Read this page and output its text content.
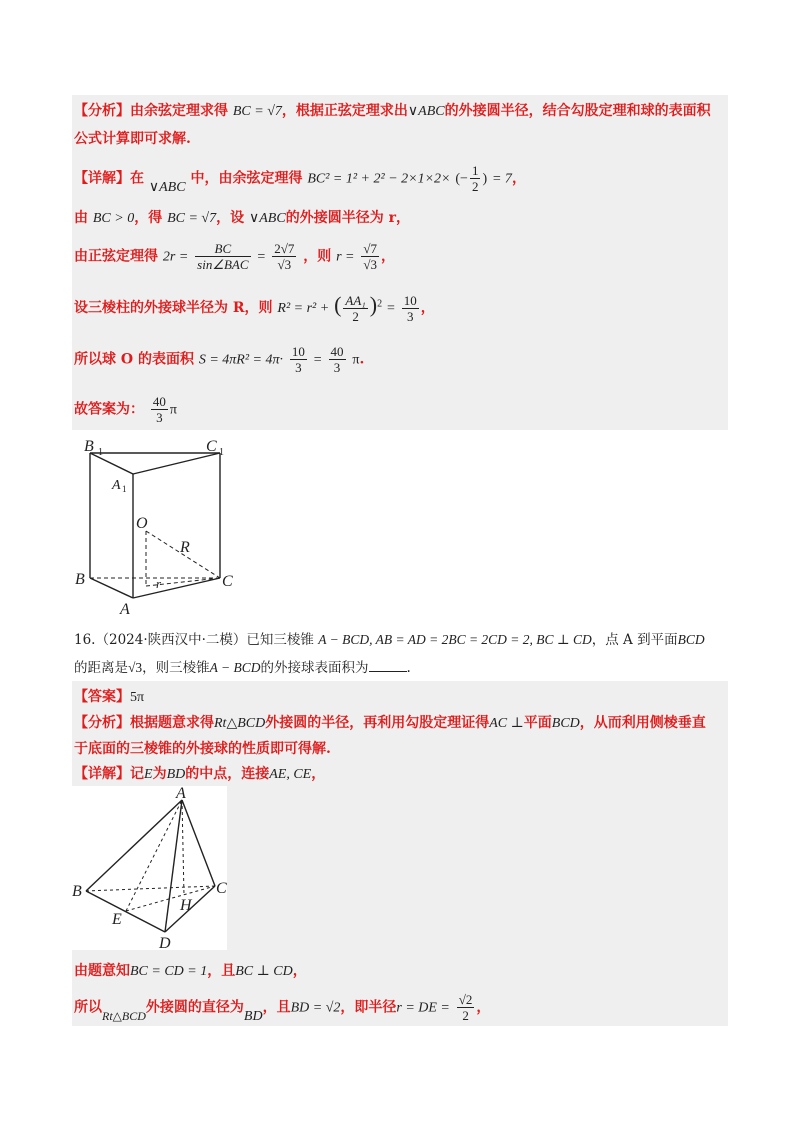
【分析】由余弦定理求得 BC = √7，根据正弦定理求出∨ABC的外接圆半径，结合勾股定理和球的表面积
公式计算即可求解.
【详解】在 ∨ABC 中，由余弦定理得 BC² = 1² + 2² − 2×1×2× (− $\frac{1}{2}$ ) = 7，
由 BC > 0，得 BC = √7，设 ∨ABC的外接圆半径为 r，
由正弦定理得 $2r = \frac{BC}{\text{sin∠BAC}} = \frac{2√7}{√3}$ ，则 $r = \frac{√7}{√3}$ ，
设三棱柱的外接球半径为 R，则 R² = r² + ( $\frac{\text{AA₁}}{2} )^2 = \frac{10}{3}$ ，
所以球 O 的表面积 $S = 4\pi R^2 = 4\pi\cdot \frac{10}{3} = \frac{40}{3} \pi$.
故答案为： $\frac{40}{3}$ π
B 1	C 1
A 1
O
R
r
B	C
A
16.（2024·陕西汉中·二模）已知三棱锥 A − BCD, AB = AD = 2BC = 2CD = 2, BC ⊥ CD，点 A 到平面BCD
的距离是√3，则三棱锥A − BCD的外接球表面积为	.
【答案】5π
【分析】根据题意求得Rt△BCD外接圆的半径，再利用勾股定理证得AC ⊥平面BCD，从而利用侧棱垂直
于底面的三棱锥的外接球的性质即可得解.
【详解】记E为BD的中点，连接AE, CE，
A
B	C
H
E
D
由题意知BC = CD = 1，且BC ⊥ CD，
所以Rt△BCD外接圆的直径为BD，且BD = √2，即半径r = DE = $\frac{√2}{2}$ ，
